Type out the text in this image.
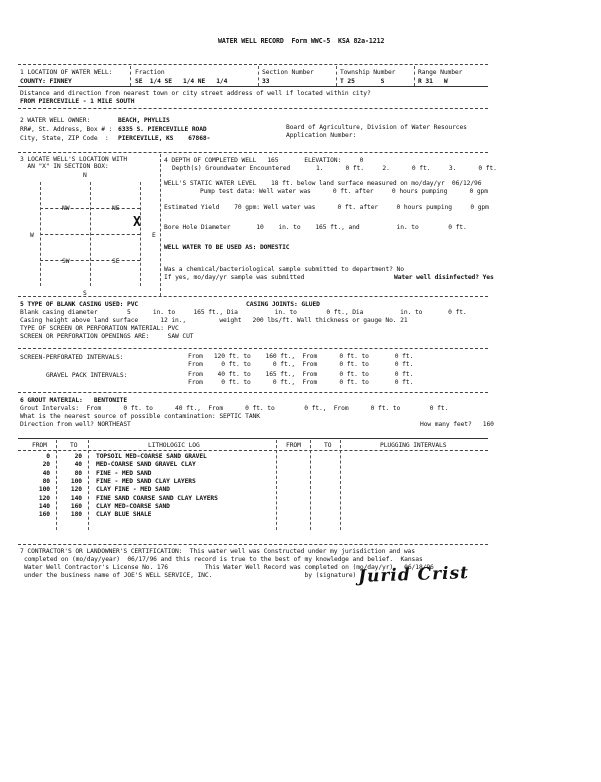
WATER WELL RECORD  Form WWC-5  KSA 82a-1212
1 LOCATION OF WATER WELL:	Fraction	Section Number	Township Number	Range Number
COUNTY: FINNEY	SE  1/4 SE   1/4 NE   1/4	33	T 25       S	R 31   W
Distance and direction from nearest town or city street address of well if located within city?
FROM PIERCEVILLE - 1 MILE SOUTH
2 WATER WELL OWNER:	BEACH, PHYLLIS
RR#, St. Address, Box # : 6335 S. PIERCEVILLE ROAD
City, State, ZIP Code  : PIERCEVILLE, KS    67868-
Board of Agriculture, Division of Water Resources
Application Number:
3 LOCATE WELL'S LOCATION WITH
AN "X" IN SECTION BOX:
N
W	E
S
NW	NE
SW	SE
X
4 DEPTH OF COMPLETED WELL   165       ELEVATION:     0
Depth(s) Groundwater Encountered       1.      0 ft.     2.      0 ft.     3.      0 ft.
WELL'S STATIC WATER LEVEL    18 ft. below land surface measured on mo/day/yr  06/12/96
Pump test data: Well water was      0 ft. after     0 hours pumping      0 gpm
Estimated Yield    70 gpm: Well water was      0 ft. after     0 hours pumping     0 gpm
Bore Hole Diameter       10    in. to    165 ft., and          in. to        0 ft.
WELL WATER TO BE USED AS: DOMESTIC
Was a chemical/bacteriological sample submitted to department? No
If yes, mo/day/yr sample was submitted	Water well disinfected? Yes
5 TYPE OF BLANK CASING USED: PVC	CASING JOINTS: GLUED
Blank casing diameter        5      in. to     165 ft., Dia          in. to        0 ft., Dia          in. to       0 ft.
Casing height above land surface      12 in.,         weight   200 lbs/ft. Wall thickness or gauge No. 21
TYPE OF SCREEN OR PERFORATION MATERIAL: PVC
SCREEN OR PERFORATION OPENINGS ARE:     SAW CUT
SCREEN-PERFORATED INTERVALS:	From   120 ft. to    160 ft.,  From      0 ft. to       0 ft.
From     0 ft. to      0 ft.,  From      0 ft. to       0 ft.
GRAVEL PACK INTERVALS:	From    40 ft. to    165 ft.,  From      0 ft. to       0 ft.
From     0 ft. to      0 ft.,  From      0 ft. to       0 ft.
6 GROUT MATERIAL:   BENTONITE
Grout Intervals:  From      0 ft. to      40 ft.,  From      0 ft. to        0 ft.,  From      0 ft. to        0 ft.
What is the nearest source of possible contamination: SEPTIC TANK
Direction from well? NORTHEAST	How many feet?   160
FROM	TO	LITHOLOGIC LOG	FROM	TO	PLUGGING INTERVALS
0	20 TOPSOIL MED-COARSE SAND GRAVEL
20	40 MED-COARSE SAND GRAVEL CLAY
40	80 FINE - MED SAND
80	100 FINE - MED SAND CLAY LAYERS
100	120 CLAY FINE - MED SAND
120	140 FINE SAND COARSE SAND CLAY LAYERS
140	160 CLAY MED-COARSE SAND
160	180 CLAY BLUE SHALE
7 CONTRACTOR'S OR LANDOWNER'S CERTIFICATION:  This water well was Constructed under my jurisdiction and was
completed on (mo/day/year)  06/17/96 and this record is true to the best of my knowledge and belief.  Kansas
Water Well Contractor's License No. 176          This Water Well Record was completed on (mo/day/yr)   06/18/96
under the business name of JOE'S WELL SERVICE, INC.                         by (signature) Jurid Crist
